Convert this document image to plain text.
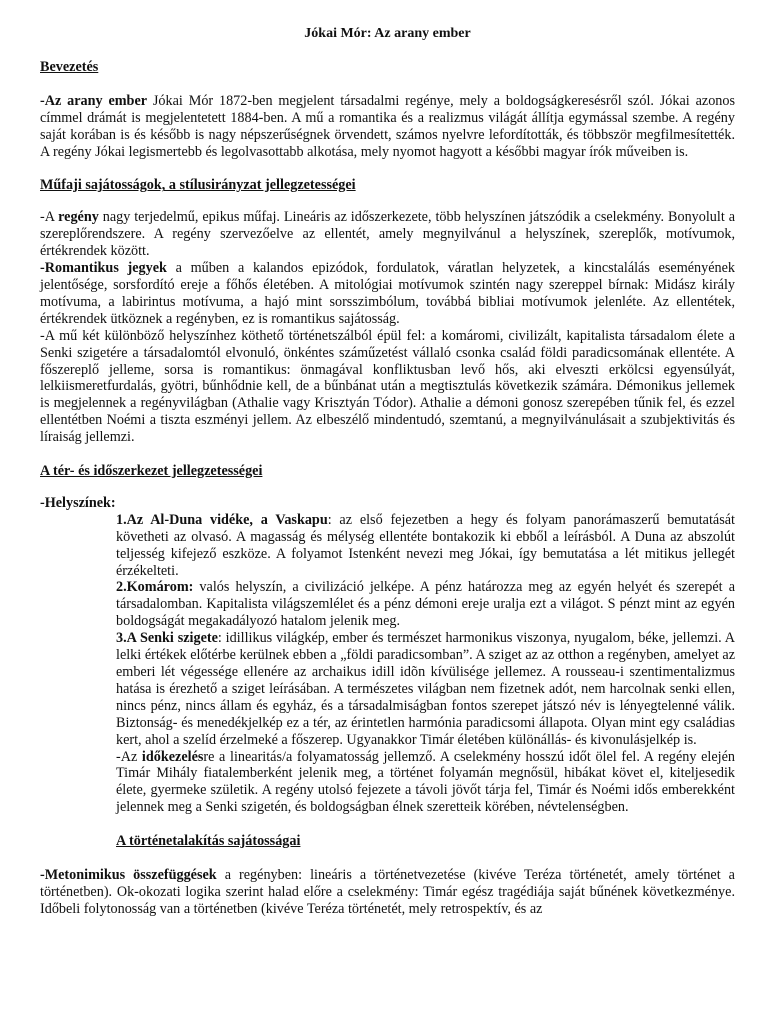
Jókai Mór: Az arany ember
Bevezetés

-Az arany ember Jókai Mór 1872-ben megjelent társadalmi regénye, mely a boldogságkeresésről szól. Jókai azonos címmel drámát is megjelentetett 1884-ben. A mű a romantika és a realizmus világát állítja egymással szembe. A regény saját korában is és később is nagy népszerűségnek örvendett, számos nyelvre lefordították, és többször megfilmesítették. A regény Jókai legismertebb és legolvasottabb alkotása, mely nyomot hagyott a későbbi magyar írók műveiben is.

Műfaji sajátosságok, a stílusirányzat jellegzetességei

-A regény nagy terjedelmű, epikus műfaj. Lineáris az időszerkezete, több helyszínen játszódik a cselekmény. Bonyolult a szereplőrendszere. A regény szervezőelve az ellentét, amely megnyilvánul a helyszínek, szereplők, motívumok, értékrendek között.

-Romantikus jegyek a műben a kalandos epizódok, fordulatok, váratlan helyzetek, a kincstalálás eseményének jelentősége, sorsfordító ereje a főhős életében. A mitológiai motívumok szintén nagy szereppel bírnak: Midász király motívuma, a labirintus motívuma, a hajó mint sorsszimbólum, továbbá bibliai motívumok jelenléte. Az ellentétek, értékrendek ütköznek a regényben, ez is romantikus sajátosság.

-A mű két különböző helyszínhez köthető történetszálból épül fel: a komáromi, civilizált, kapitalista társadalom élete a Senki szigetére a társadalomtól elvonuló, önkéntes száműzetést vállaló csonka család földi paradicsomának ellentéte. A főszereplő jelleme, sorsa is romantikus: önmagával konfliktusban levő hős, aki elveszti erkölcsi egyensúlyát, lelkiismeretfurdalás, gyötri, bűnhődnie kell, de a bűnbánat után a megtisztulás következik számára. Démonikus jellemek is megjelennek a regényvilágban (Athalie vagy Krisztyán Tódor). Athalie a démoni gonosz szerepében tűnik fel, és ezzel ellentétben Noémi a tiszta eszményi jellem. Az elbeszélő mindentudó, szemtanú, a megnyilvánulásait a szubjektivitás és líraiság jellemzi.

A tér- és időszerkezet jellegzetességei
-Helyszínek:

1.Az Al-Duna vidéke, a Vaskapu: az első fejezetben a hegy és folyam panorámaszerű bemutatását követheti az olvasó. A magasság és mélység ellentéte bontakozik ki ebből a leírásból. A Duna az abszolút teljesség kifejező eszköze. A folyamot Istenként nevezi meg Jókai, így bemutatása a lét mitikus jellegét érzékelteti.

2.Komárom: valós helyszín, a civilizáció jelképe. A pénz határozza meg az egyén helyét és szerepét a társadalomban. Kapitalista világszemlélet és a pénz démoni ereje uralja ezt a világot. S pénzt mint az egyén boldogságát megakadályozó hatalom jelenik meg.

3.A Senki szigete: idillikus világkép, ember és természet harmonikus viszonya, nyugalom, béke, jellemzi. A lelki értékek előtérbe kerülnek ebben a „földi paradicsomban”. A sziget az az otthon a regényben, amelyet az emberi lét végessége ellenére az archaikus idill idõn kívülisége jellemez. A rousseau-i szentimentalizmus hatása is érezhető a sziget leírásában. A természetes világban nem fizetnek adót, nem harcolnak senki ellen, nincs pénz, nincs állam és egyház, és a társadalmiságban fontos szerepet játszó név is lényegtelenné válik. Biztonság- és menedékjelkép ez a tér, az érintetlen harmónia paradicsomi állapota. Olyan mint egy családias kert, ahol a szelíd érzelmeké a főszerep. Ugyanakkor Timár életében különállás- és kivonulásjelkép is.

-Az időkezelésre a linearitás/a folyamatosság jellemző. A cselekmény hosszú időt ölel fel. A regény elején Timár Mihály fiatalemberként jelenik meg, a történet folyamán megnősül, hibákat követ el, kiteljesedik élete, gyermeke születik. A regény utolsó fejezete a távoli jövőt tárja fel, Timár és Noémi idős emberekként jelennek meg a Senki szigetén, és boldogságban élnek szeretteik körében, névtelenségben.

A történetalakítás sajátosságai

-Metonimikus összefüggések a regényben: lineáris a történetvezetése (kivéve Teréza történetét, amely történet a történetben). Ok-okozati logika szerint halad előre a cselekmény: Timár egész tragédiája saját bűnének következménye. Időbeli folytonosság van a történetben (kivéve Teréza történetét, mely retrospektív, és az
